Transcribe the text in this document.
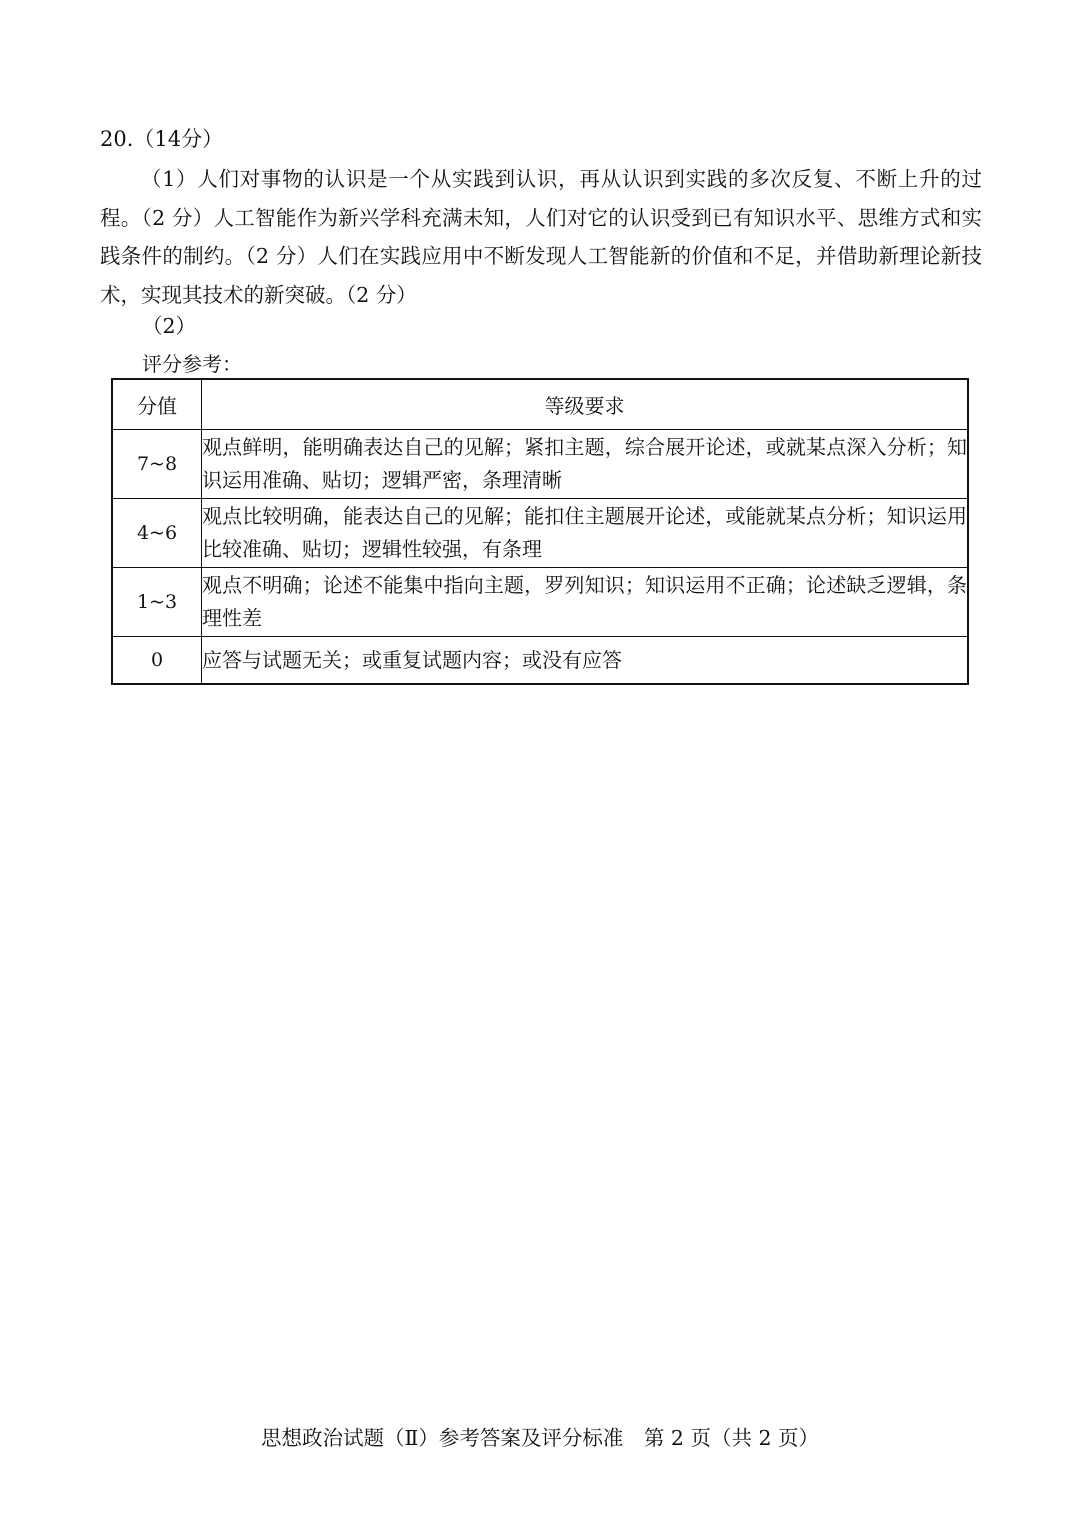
20.（14分）
（1）人们对事物的认识是一个从实践到认识，再从认识到实践的多次反复、不断上升的过程。（2 分）人工智能作为新兴学科充满未知，人们对它的认识受到已有知识水平、思维方式和实践条件的制约。（2 分）人们在实践应用中不断发现人工智能新的价值和不足，并借助新理论新技术，实现其技术的新突破。（2 分）
（2）
评分参考：
分值	等级要求
7~8	观点鲜明，能明确表达自己的见解；紧扣主题，综合展开论述，或就某点深入分析；知识运用准确、贴切；逻辑严密，条理清晰
4~6	观点比较明确，能表达自己的见解；能扣住主题展开论述，或能就某点分析；知识运用比较准确、贴切；逻辑性较强，有条理
1~3	观点不明确；论述不能集中指向主题，罗列知识；知识运用不正确；论述缺乏逻辑，条理性差
0	应答与试题无关；或重复试题内容；或没有应答
思想政治试题（Ⅱ）参考答案及评分标准　第 2 页（共 2 页）
